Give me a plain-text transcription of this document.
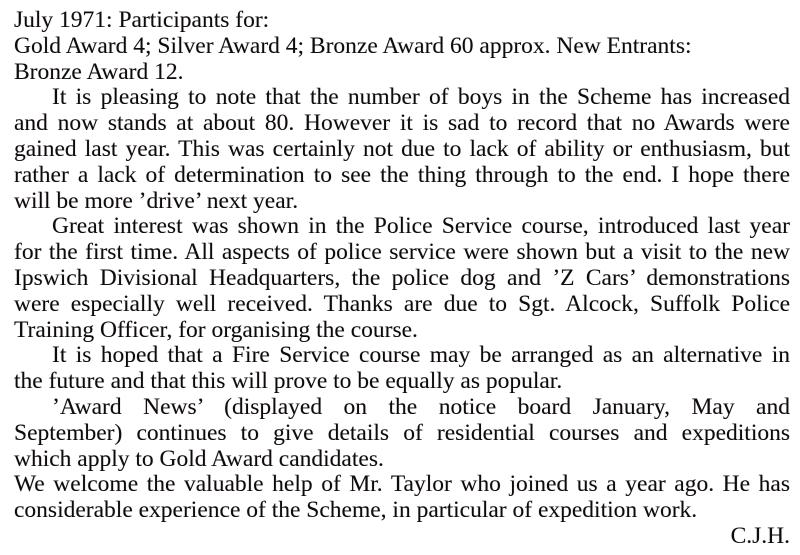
July 1971: Participants for:
Gold Award 4; Silver Award 4; Bronze Award 60 approx. New Entrants:
Bronze Award 12.
It is pleasing to note that the number of boys in the Scheme has increased
and now stands at about 80. However it is sad to record that no Awards were
gained last year. This was certainly not due to lack of ability or enthusiasm, but
rather a lack of determination to see the thing through to the end. I hope there
will be more ’drive’ next year.
Great interest was shown in the Police Service course, introduced last year
for the first time. All aspects of police service were shown but a visit to the new
Ipswich Divisional Headquarters, the police dog and ’Z Cars’ demonstrations
were especially well received. Thanks are due to Sgt. Alcock, Suffolk Police
Training Officer, for organising the course.
It is hoped that a Fire Service course may be arranged as an alternative in
the future and that this will prove to be equally as popular.
’Award News’ (displayed on the notice board January, May and
September) continues to give details of residential courses and expeditions
which apply to Gold Award candidates.
We welcome the valuable help of Mr. Taylor who joined us a year ago. He has
considerable experience of the Scheme, in particular of expedition work.
C.J.H.
